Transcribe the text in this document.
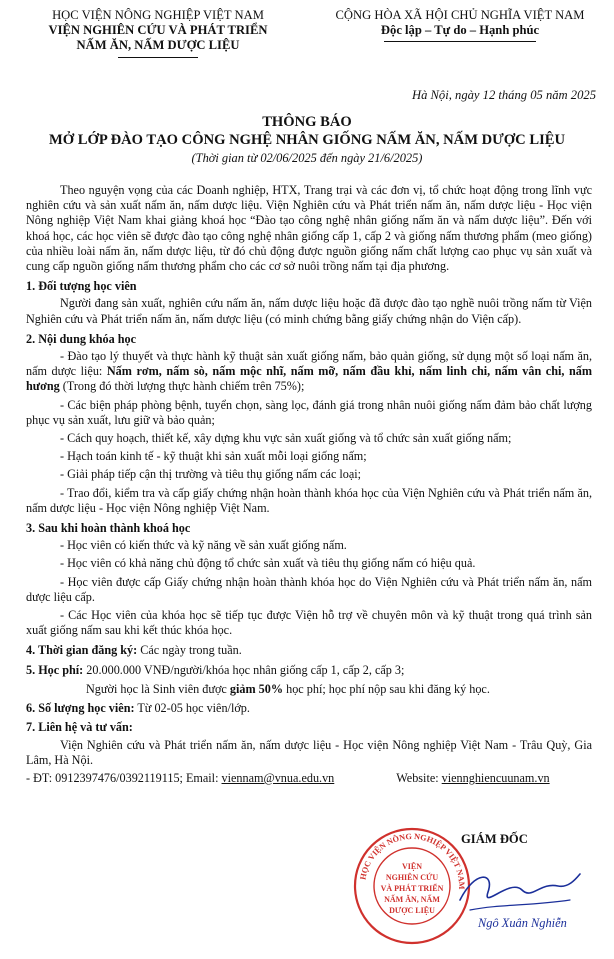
HỌC VIỆN NÔNG NGHIỆP VIỆT NAM
VIỆN NGHIÊN CỨU VÀ PHÁT TRIỂN
NẤM ĂN, NẤM DƯỢC LIỆU
CỘNG HÒA XÃ HỘI CHỦ NGHĨA VIỆT NAM
Độc lập – Tự do – Hạnh phúc
Hà Nội, ngày 12 tháng 05 năm 2025
THÔNG BÁO
MỞ LỚP ĐÀO TẠO CÔNG NGHỆ NHÂN GIỐNG NẤM ĂN, NẤM DƯỢC LIỆU
(Thời gian từ 02/06/2025 đến ngày 21/6/2025)

Theo nguyện vọng của các Doanh nghiệp, HTX, Trang trại và các đơn vị, tổ chức hoạt động trong lĩnh vực nghiên cứu và sản xuất nấm ăn, nấm dược liệu. Viện Nghiên cứu và Phát triển nấm ăn, nấm dược liệu - Học viện Nông nghiệp Việt Nam khai giảng khoá học “Đào tạo công nghệ nhân giống nấm ăn và nấm dược liệu”. Đến với khoá học, các học viên sẽ được đào tạo công nghệ nhân giống cấp 1, cấp 2 và giống nấm thương phẩm (meo giống) của nhiều loài nấm ăn, nấm dược liệu, từ đó chủ động được nguồn giống nấm chất lượng cao phục vụ sản xuất và cung cấp nguồn giống nấm thương phẩm cho các cơ sở nuôi trồng nấm tại địa phương.

1. Đối tượng học viên

Người đang sản xuất, nghiên cứu nấm ăn, nấm dược liệu hoặc đã được đào tạo nghề nuôi trồng nấm từ Viện Nghiên cứu và Phát triển nấm ăn, nấm dược liệu (có minh chứng bằng giấy chứng nhận do Viện cấp).

2. Nội dung khóa học

- Đào tạo lý thuyết và thực hành kỹ thuật sản xuất giống nấm, bảo quản giống, sử dụng một số loại nấm ăn, nấm dược liệu: Nấm rơm, nấm sò, nấm mộc nhĩ, nấm mỡ, nấm đầu khỉ, nấm linh chi, nấm vân chi, nấm hương (Trong đó thời lượng thực hành chiếm trên 75%);

- Các biện pháp phòng bệnh, tuyển chọn, sàng lọc, đánh giá trong nhân nuôi giống nấm đảm bảo chất lượng phục vụ sản xuất, lưu giữ và bảo quản;

- Cách quy hoạch, thiết kế, xây dựng khu vực sản xuất giống và tổ chức sản xuất giống nấm;

- Hạch toán kinh tế - kỹ thuật khi sản xuất mỗi loại giống nấm;

- Giải pháp tiếp cận thị trường và tiêu thụ giống nấm các loại;

- Trao đổi, kiểm tra và cấp giấy chứng nhận hoàn thành khóa học của Viện Nghiên cứu và Phát triển nấm ăn, nấm dược liệu - Học viện Nông nghiệp Việt Nam.

3. Sau khi hoàn thành khoá học

- Học viên có kiến thức và kỹ năng về sản xuất giống nấm.

- Học viên có khả năng chủ động tổ chức sản xuất và tiêu thụ giống nấm có hiệu quả.

- Học viên được cấp Giấy chứng nhận hoàn thành khóa học do Viện Nghiên cứu và Phát triển nấm ăn, nấm dược liệu cấp.

- Các Học viên của khóa học sẽ tiếp tục được Viện hỗ trợ về chuyên môn và kỹ thuật trong quá trình sản xuất giống nấm sau khi kết thúc khóa học.

4. Thời gian đăng ký: Các ngày trong tuần.

5. Học phí: 20.000.000 VNĐ/người/khóa học nhân giống cấp 1, cấp 2, cấp 3;

Người học là Sinh viên được giảm 50% học phí; học phí nộp sau khi đăng ký học.

6. Số lượng học viên: Từ 02-05 học viên/lớp.

7. Liên hệ và tư vấn:

Viện Nghiên cứu và Phát triển nấm ăn, nấm dược liệu - Học viện Nông nghiệp Việt Nam - Trâu Quỳ, Gia Lâm, Hà Nội.

- ĐT: 0912397476/0392119115; Email: viennam@vnua.edu.vn	Website: viennghiencuunam.vn

HỌC VIỆN NÔNG NGHIỆP VIỆT NAM
VIỆN
NGHIÊN CỨU
VÀ PHÁT TRIỂN
NẤM ĂN, NẤM
DƯỢC LIỆU
GIÁM ĐỐC
Ngô Xuân Nghiễn
